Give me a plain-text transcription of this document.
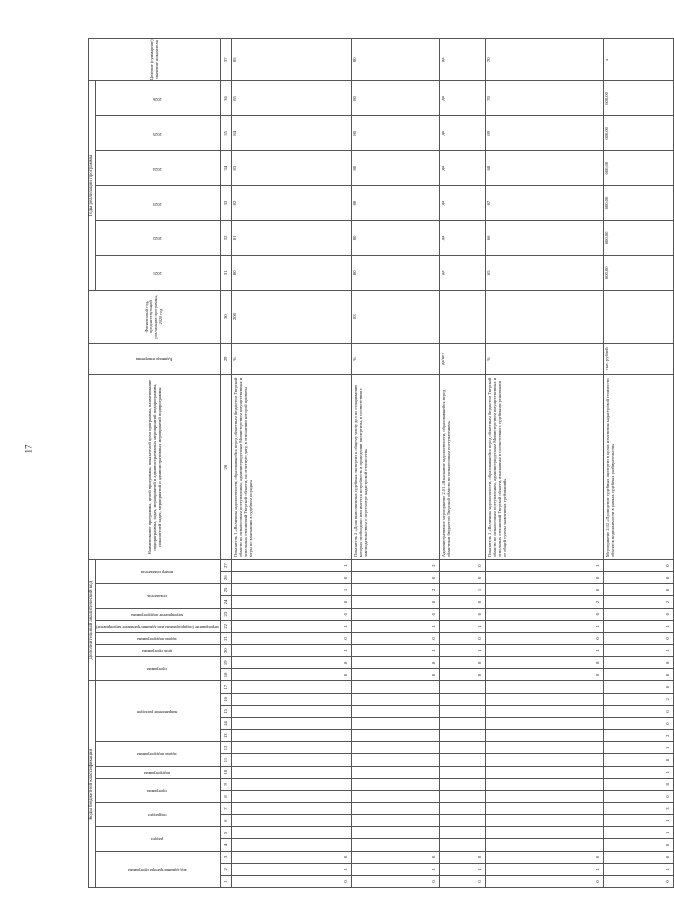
17
Коды бюджетной классификации																	Дополнительный аналитический код										Наименование программы, целей программы, показателей цели программы, наименование подпрограммы, задач, мероприятий и административных мероприятий подпрограммы, показателей задач, мероприятий и административных мероприятий подпрограммы	Единица измерения	Финансовый год, предшествующий реализации программы, 2020 год	Годы реализации программы						Целевое (суммарное) значение показателя
код администратора программы			раздел		подраздел		программа		подпрограмма	задача подпрограммы		направление расходов					программа		цель программы	задача подпрограммы	мероприятие (подпрограммы или административное мероприятие)	мероприятие подпрограммы	показатель		номер показателя					2021	2022	2023	2024	2025	2026	

1	2	3	4	5	6	7	8	9	10	11	12	13	14	15	16	17	18	19	20	21	22	23	24	25	26	27	28	29	30	31	32	33	34	35	36	37
0	1	0															0	8	1	0	1	0	0	1	0	1	Показатель 1 «Величина задолженности, образовавшейся перед областным бюджетом Тверской области по неналоговым поступлениям, администрируемым Министерством имущественных и земельных отношений Тверской области, на отчетную дату, в отношении которой приняты меры по взысканию в судебном порядке»	%	208	80	81	82	83	84	85	85
0	1	0															0	8	1	0	1	0	0	2	0	2	Показатель 2 «Доля выполненных судебных экспертиз к общему числу дел по оспариванию которых необходимо или имеется потребность в проведении экспертизы, в соответствии с законодательством о пересмотре кадастровой стоимости»	%	83	80	80	80	80	80	80	80
0	1	0															0	8	1	0	1	0	0	1	0	0	Административное мероприятие 2.01 «Взыскание задолженности, образовавшейся перед областным бюджетом Тверской области по неналоговым поступлениям»	да/нет		да	да	да	да	да	да	да
0	1	0															0	8	1	0	1	0	2	0	0	1	Показатель 1 «Величина задолженности, образовавшейся перед областным бюджетом Тверской области по неналоговым поступлениям, администрируемым Министерством имущественных и земельных отношений Тверской области, взысканная в соответствии с судебными решениями от общей суммы заявленных требований»	%		65	66	67	68	69	70	70
0	1	0	0	1	1	3	0	8	1	0	1	2	0	0	2	0	0	8	1	0	1	0	2	0	0	0	Мероприятие 2.02 «Проведение судебных экспертиз в целях изменения кадастровой стоимости объектов недвижимости в рамках судебных разбирательств»	тыс. рублей		600,00	600,00	600,00	600,00	600,00	600,00	х
